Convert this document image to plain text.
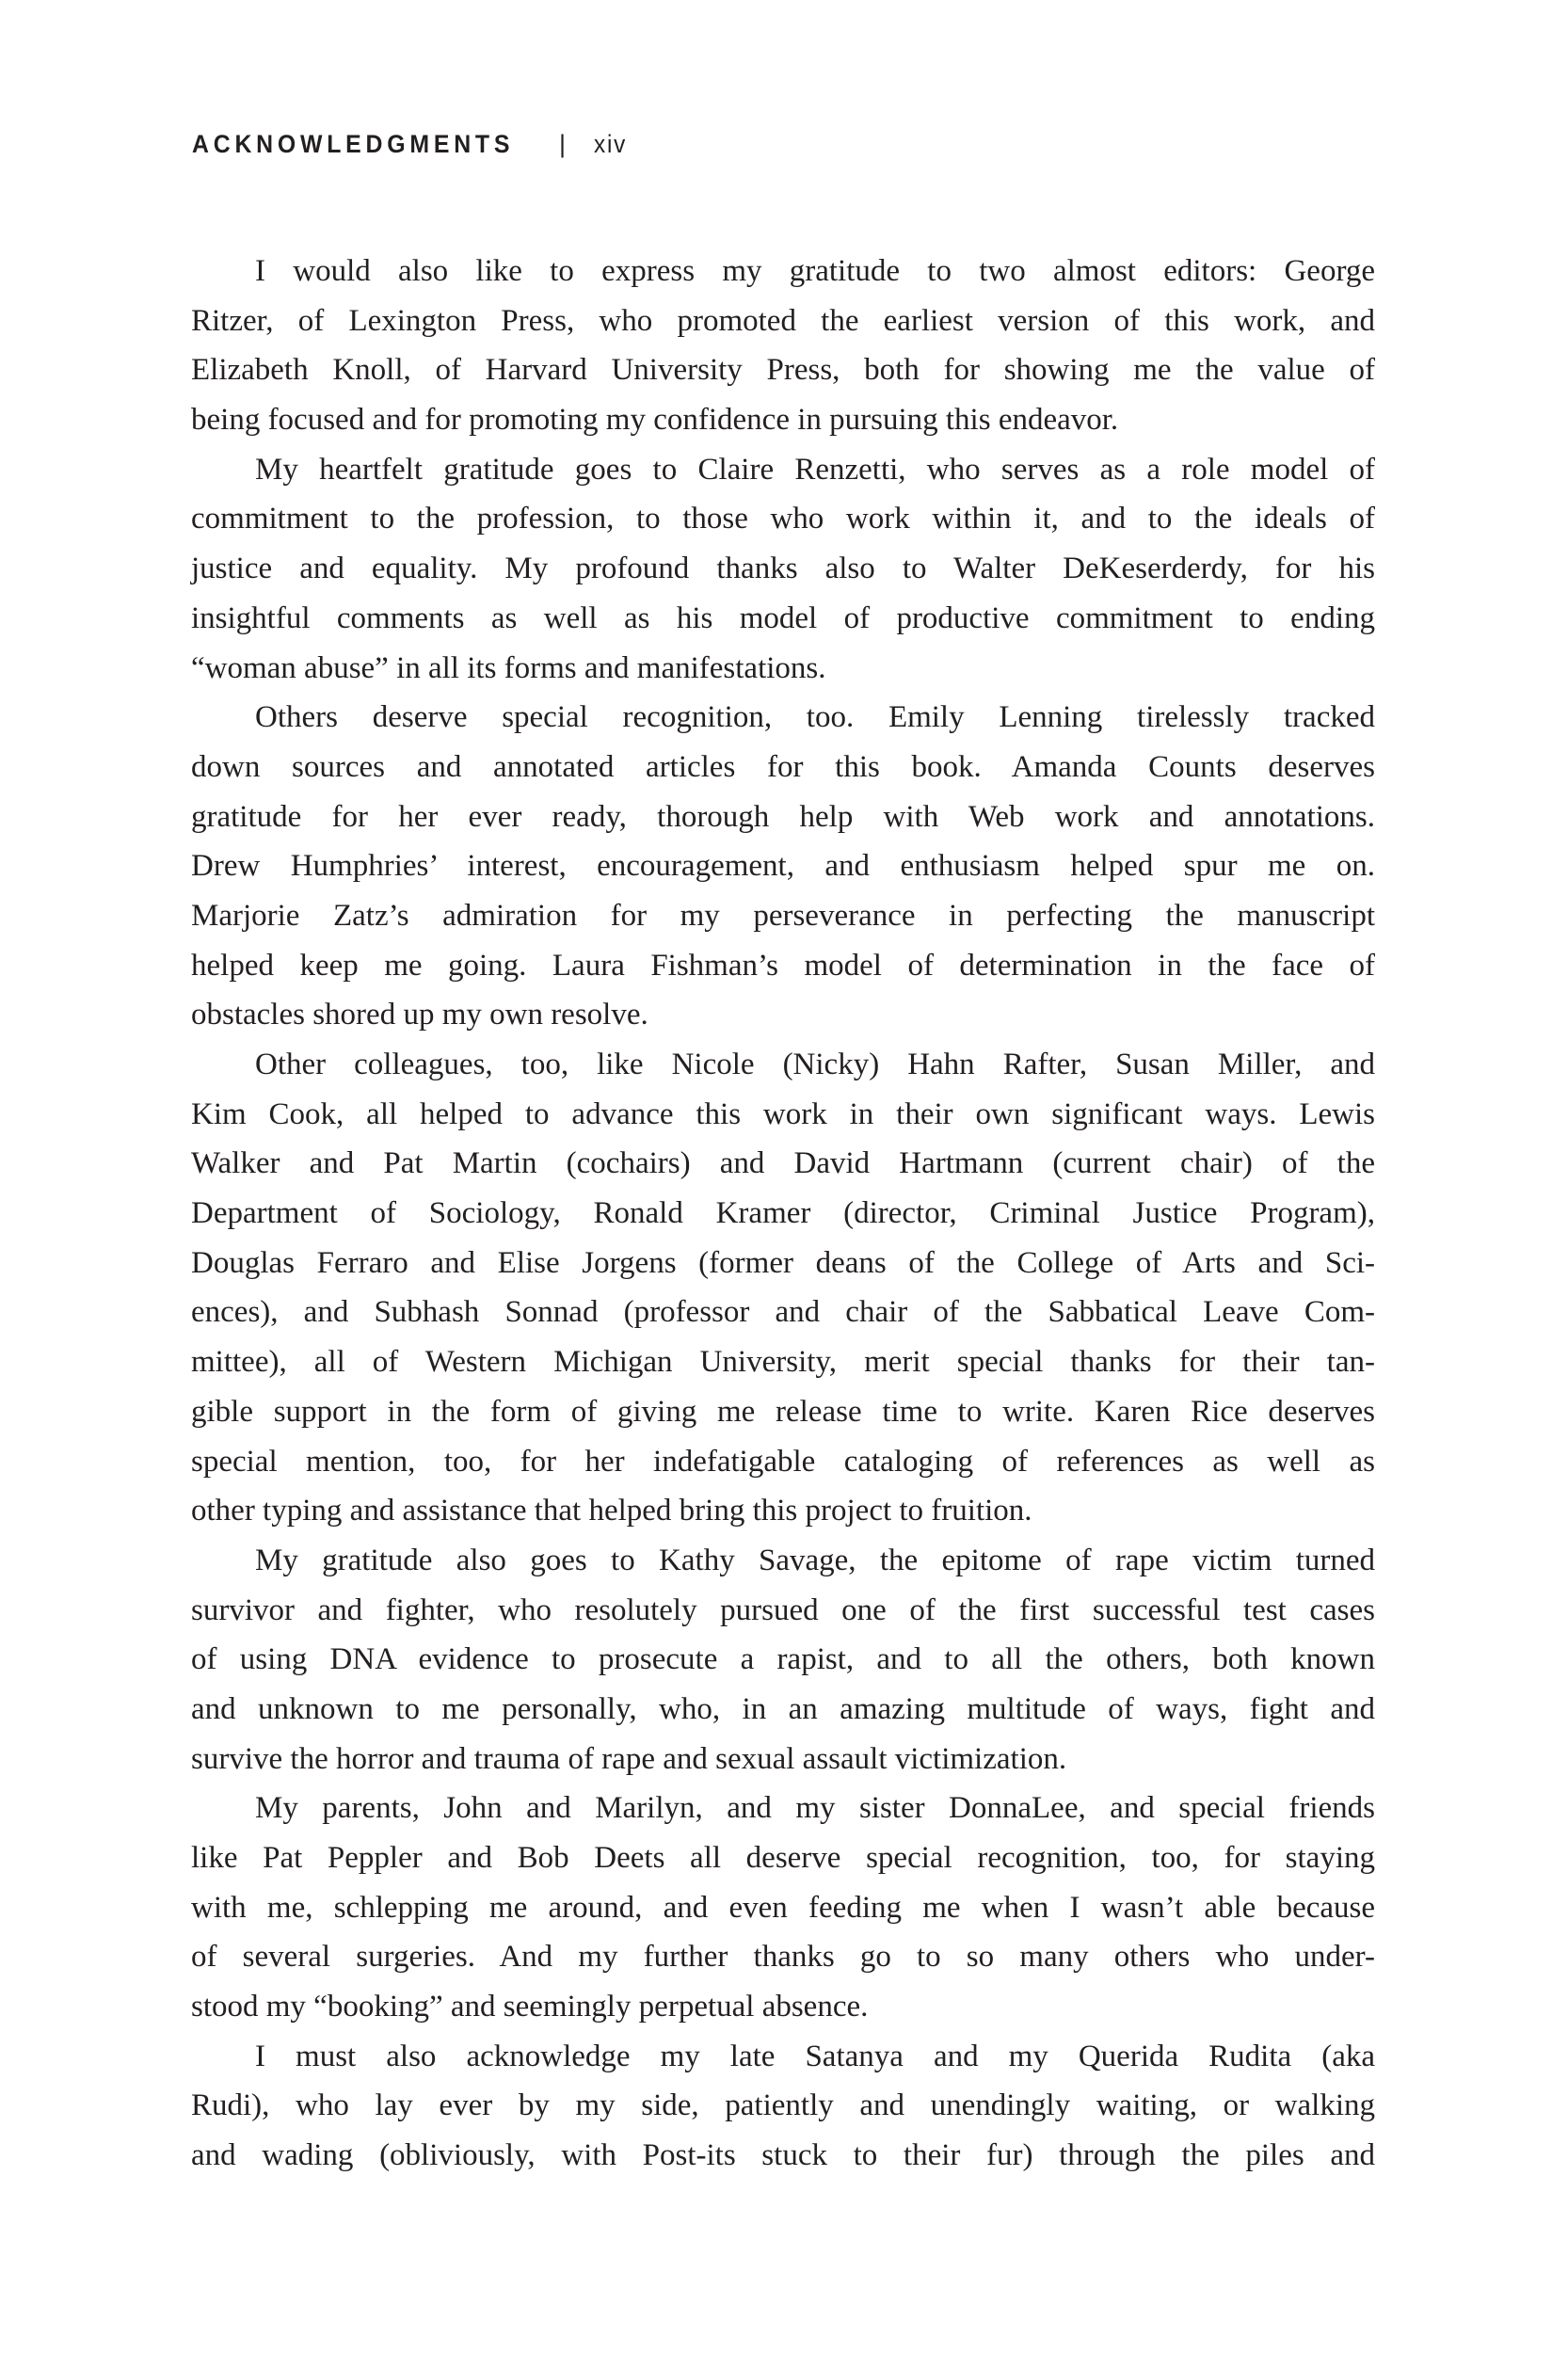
ACKNOWLEDGMENTS | xiv
I would also like to express my gratitude to two almost editors: George
Ritzer, of Lexington Press, who promoted the earliest version of this work, and
Elizabeth Knoll, of Harvard University Press, both for showing me the value of
being focused and for promoting my confidence in pursuing this endeavor.
My heartfelt gratitude goes to Claire Renzetti, who serves as a role model of
commitment to the profession, to those who work within it, and to the ideals of
justice and equality. My profound thanks also to Walter DeKeserderdy, for his
insightful comments as well as his model of productive commitment to ending
“woman abuse” in all its forms and manifestations.
Others deserve special recognition, too. Emily Lenning tirelessly tracked
down sources and annotated articles for this book. Amanda Counts deserves
gratitude for her ever ready, thorough help with Web work and annotations.
Drew Humphries’ interest, encouragement, and enthusiasm helped spur me on.
Marjorie Zatz’s admiration for my perseverance in perfecting the manuscript
helped keep me going. Laura Fishman’s model of determination in the face of
obstacles shored up my own resolve.
Other colleagues, too, like Nicole (Nicky) Hahn Rafter, Susan Miller, and
Kim Cook, all helped to advance this work in their own significant ways. Lewis
Walker and Pat Martin (cochairs) and David Hartmann (current chair) of the
Department of Sociology, Ronald Kramer (director, Criminal Justice Program),
Douglas Ferraro and Elise Jorgens (former deans of the College of Arts and Sci-
ences), and Subhash Sonnad (professor and chair of the Sabbatical Leave Com-
mittee), all of Western Michigan University, merit special thanks for their tan-
gible support in the form of giving me release time to write. Karen Rice deserves
special mention, too, for her indefatigable cataloging of references as well as
other typing and assistance that helped bring this project to fruition.
My gratitude also goes to Kathy Savage, the epitome of rape victim turned
survivor and fighter, who resolutely pursued one of the first successful test cases
of using DNA evidence to prosecute a rapist, and to all the others, both known
and unknown to me personally, who, in an amazing multitude of ways, fight and
survive the horror and trauma of rape and sexual assault victimization.
My parents, John and Marilyn, and my sister DonnaLee, and special friends
like Pat Peppler and Bob Deets all deserve special recognition, too, for staying
with me, schlepping me around, and even feeding me when I wasn’t able because
of several surgeries. And my further thanks go to so many others who under-
stood my “booking” and seemingly perpetual absence.
I must also acknowledge my late Satanya and my Querida Rudita (aka
Rudi), who lay ever by my side, patiently and unendingly waiting, or walking
and wading (obliviously, with Post-its stuck to their fur) through the piles and
